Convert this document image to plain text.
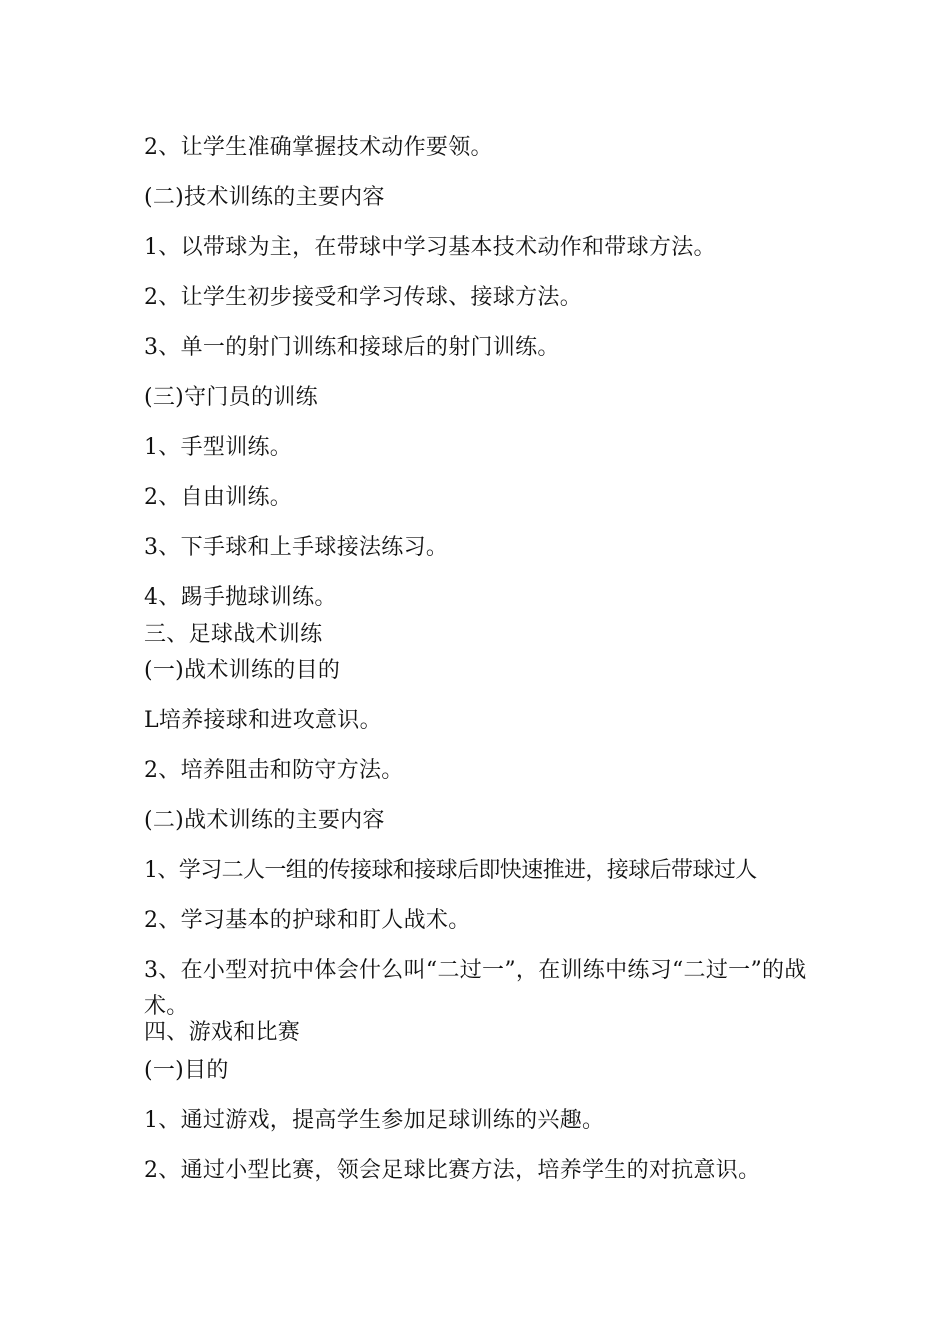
2、让学生准确掌握技术动作要领。
(二)技术训练的主要内容
1、以带球为主，在带球中学习基本技术动作和带球方法。
2、让学生初步接受和学习传球、接球方法。
3、单一的射门训练和接球后的射门训练。
(三)守门员的训练
1、手型训练。
2、自由训练。
3、下手球和上手球接法练习。
4、踢手抛球训练。
三、足球战术训练
(一)战术训练的目的
L培养接球和进攻意识。
2、培养阻击和防守方法。
(二)战术训练的主要内容
1、学习二人一组的传接球和接球后即快速推进，接球后带球过人
2、学习基本的护球和盯人战术。
3、在小型对抗中体会什么叫“二过一”，在训练中练习“二过一”的战术。
四、游戏和比赛
(一)目的
1、通过游戏，提高学生参加足球训练的兴趣。
2、通过小型比赛，领会足球比赛方法，培养学生的对抗意识。
